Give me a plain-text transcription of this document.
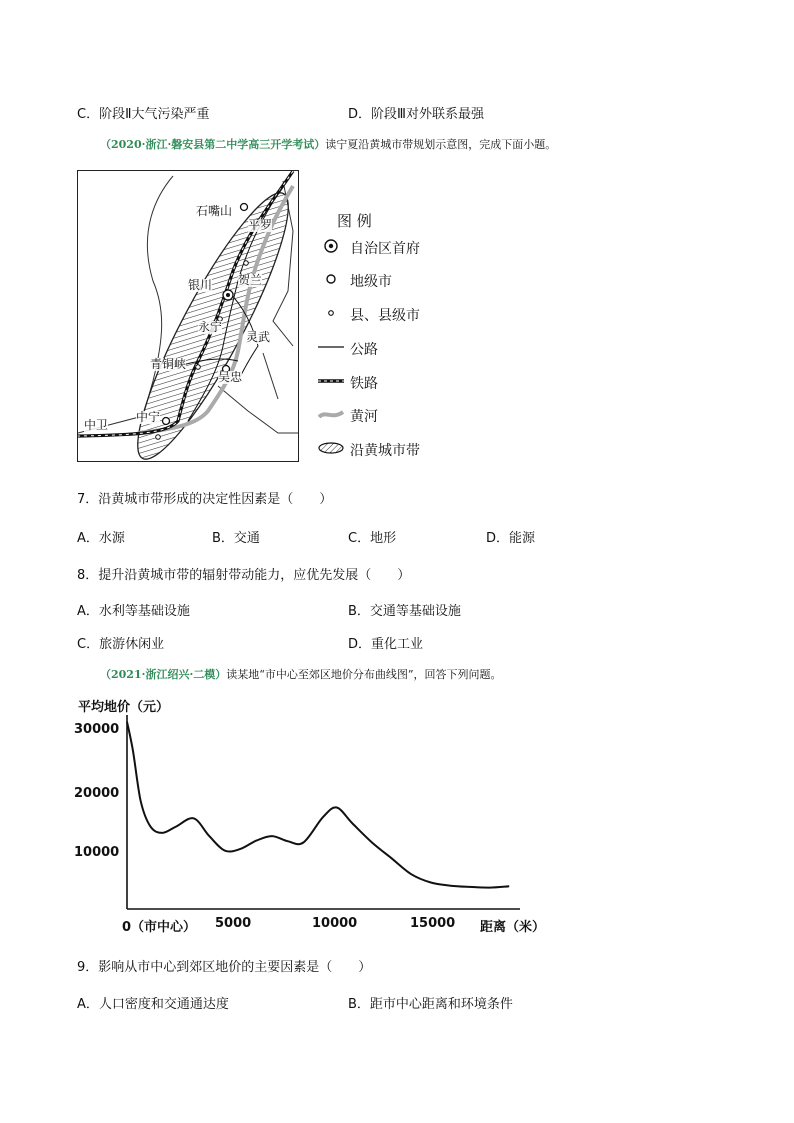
C．阶段Ⅱ大气污染严重	D．阶段Ⅲ对外联系最强
（2020·浙江·磐安县第二中学高三开学考试）读宁夏沿黄城市带规划示意图，完成下面小题。
石嘴山
平罗
银川 贺兰
永宁
灵武
青铜峡
吴忠
中宁
中卫
图 例
自治区首府
地级市
县、县级市
公路
铁路
黄河
沿黄城市带
7．沿黄城市带形成的决定性因素是（　　）
A．水源	B．交通	C．地形	D．能源
8．提升沿黄城市带的辐射带动能力，应优先发展（　　）
A．水利等基础设施	B．交通等基础设施
C．旅游休闲业	D．重化工业
（2021·浙江绍兴·二模）读某地“市中心至郊区地价分布曲线图”，回答下列问题。
平均地价（元）
30000
20000
10000
0（市中心） 5000	10000	15000 距离（米）
9．影响从市中心到郊区地价的主要因素是（　　）
A．人口密度和交通通达度	B．距市中心距离和环境条件
